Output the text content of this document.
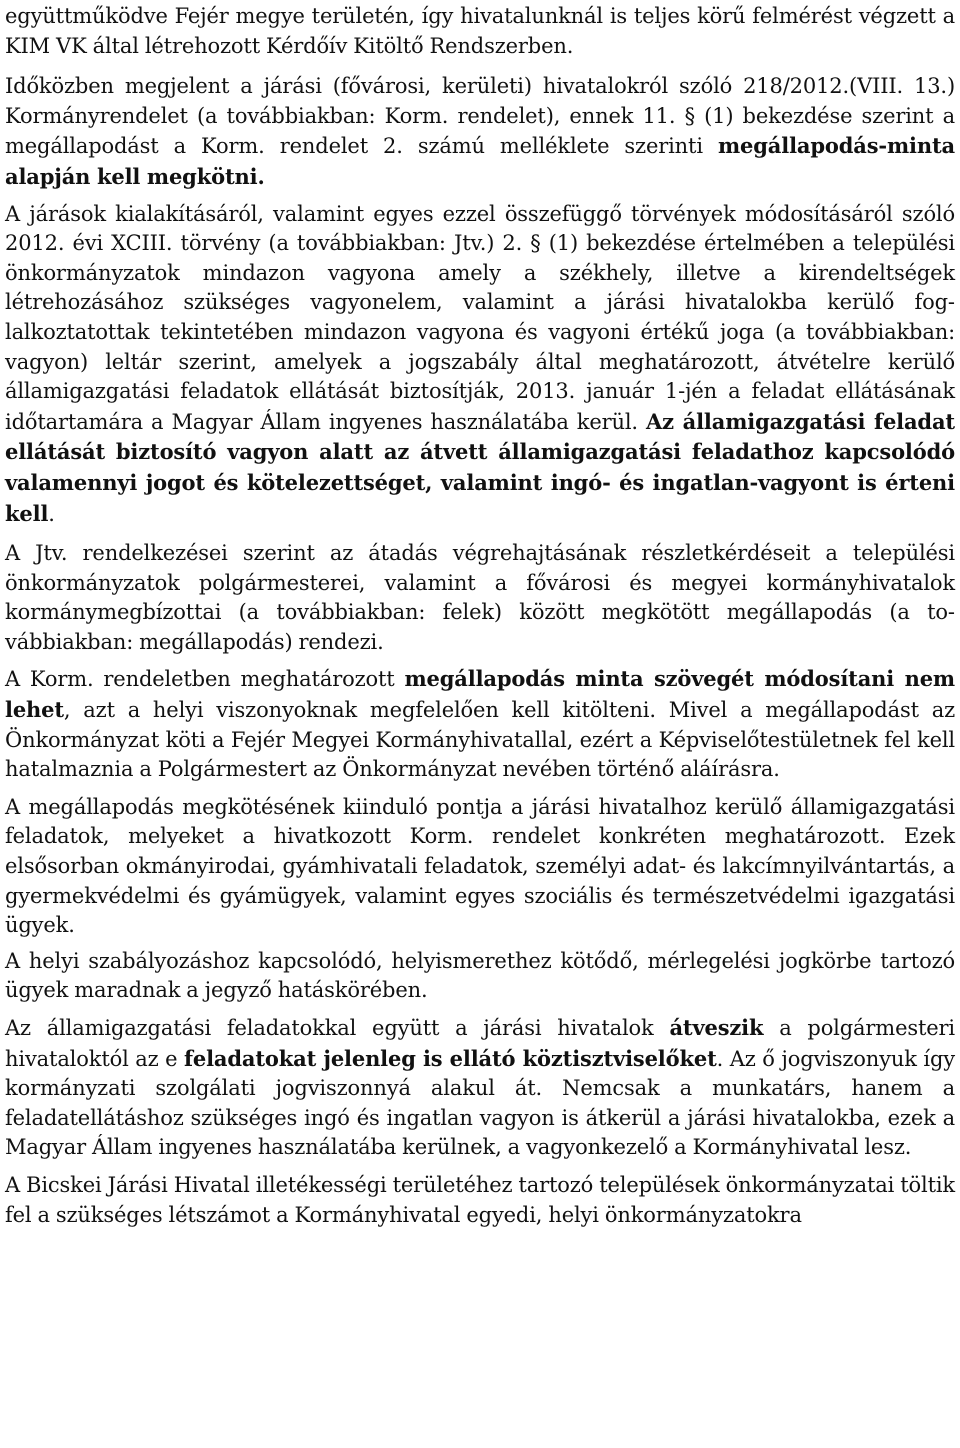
együttműködve Fejér megye területén, így hivatalunknál is teljes körű felmérést végzett a KIM VK által létrehozott Kérdőív Kitöltő Rendszerben.

Időközben megjelent a járási (fővárosi, kerületi) hivatalokról szóló 218/2012.(VIII. 13.) Kormányrendelet (a továbbiakban: Korm. rendelet), ennek 11. § (1) bekezdése szerint a megállapodást a Korm. rendelet 2. számú melléklete szerinti megállapodás-minta alapján kell megkötni.

A járások kialakításáról, valamint egyes ezzel összefüggő törvények módosításáról szóló 2012. évi XCIII. törvény (a továbbiakban: Jtv.) 2. § (1) bekezdése értelmében a települési önkormányzatok mindazon vagyona amely a székhely, illetve a kirendeltségek létrehozásához szükséges vagyonelem, valamint a járási hivatalokba kerülő foglalkoztatottak tekintetében mindazon vagyona és vagyoni értékű joga (a továbbiakban: vagyon) leltár szerint, amelyek a jogszabály által meghatározott, átvételre kerülő államigazgatási feladatok ellátását biztosítják, 2013. január 1-jén a feladat ellátásának időtartamára a Magyar Állam ingyenes használatába kerül. Az államigazgatási feladat ellátását biztosító vagyon alatt az átvett államigazgatási feladathoz kapcsolódó valamennyi jogot és kötelezettséget, valamint ingó- és ingatlan-vagyont is érteni kell.

A Jtv. rendelkezései szerint az átadás végrehajtásának részletkérdéseit a települési önkormányzatok polgármesterei, valamint a fővárosi és megyei kormányhivatalok kormánymegbízottai (a továbbiakban: felek) között megkötött megállapodás (a továbbiakban: megállapodás) rendezi.

A Korm. rendeletben meghatározott megállapodás minta szövegét módosítani nem lehet, azt a helyi viszonyoknak megfelelően kell kitölteni. Mivel a megállapodást az Önkormányzat köti a Fejér Megyei Kormányhivatallal, ezért a Képviselőtestületnek fel kell hatalmaznia a Polgármestert az Önkormányzat nevében történő aláírásra.

A megállapodás megkötésének kiinduló pontja a járási hivatalhoz kerülő államigazgatási feladatok, melyeket a hivatkozott Korm. rendelet konkréten meghatározott. Ezek elsősorban okmányirodai, gyámhivatali feladatok, személyi adat- és lakcímnyilvántartás, a gyermekvédelmi és gyámügyek, valamint egyes szociális és természetvédelmi igazgatási ügyek.

A helyi szabályozáshoz kapcsolódó, helyismerethez kötődő, mérlegelési jogkörbe tartozó ügyek maradnak a jegyző hatáskörében.

Az államigazgatási feladatokkal együtt a járási hivatalok átveszik a polgármesteri hivataloktól az e feladatokat jelenleg is ellátó köztisztviselőket. Az ő jogviszonyuk így kormányzati szolgálati jogviszonnyá alakul át. Nemcsak a munkatárs, hanem a feladatellátáshoz szükséges ingó és ingatlan vagyon is átkerül a járási hivatalokba, ezek a Magyar Állam ingyenes használatába kerülnek, a vagyonkezelő a Kormányhivatal lesz.

A Bicskei Járási Hivatal illetékességi területéhez tartozó települések önkormányzatai töltik fel a szükséges létszámot a Kormányhivatal egyedi, helyi önkormányzatokra
